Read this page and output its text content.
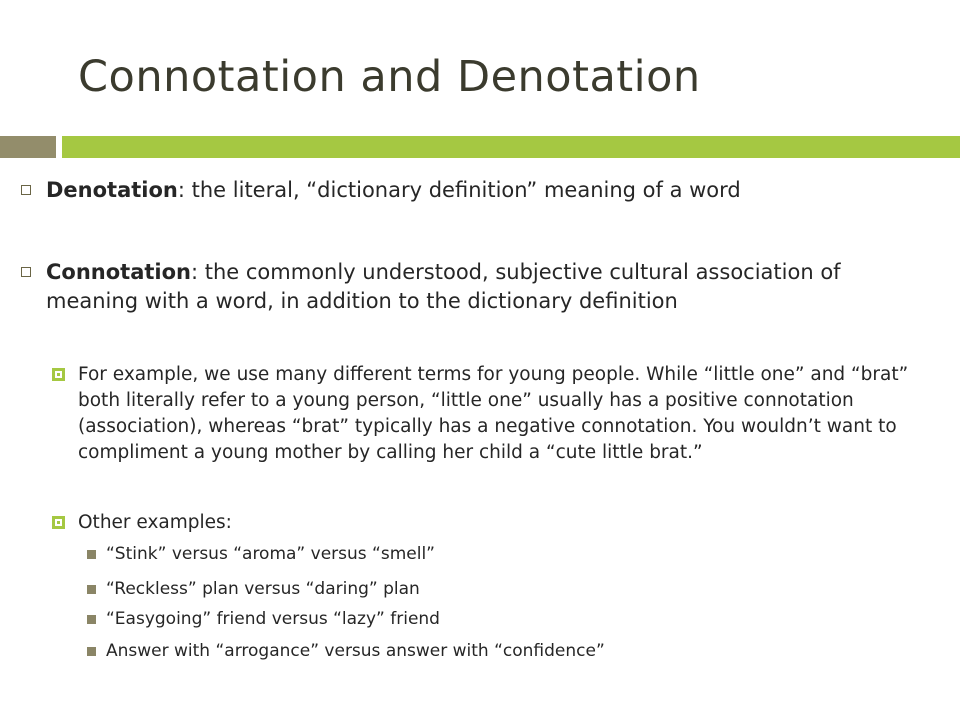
Connotation and Denotation
Denotation: the literal, “dictionary definition” meaning of a word
Connotation: the commonly understood, subjective cultural association of meaning with a word, in addition to the dictionary definition
For example, we use many different terms for young people. While “little one” and “brat” both literally refer to a young person, “little one” usually has a positive connotation (association), whereas “brat” typically has a negative connotation. You wouldn’t want to compliment a young mother by calling her child a “cute little brat.”
Other examples:
“Stink” versus “aroma” versus “smell”
“Reckless” plan versus “daring” plan
“Easygoing” friend versus “lazy” friend
Answer with “arrogance” versus answer with “confidence”
